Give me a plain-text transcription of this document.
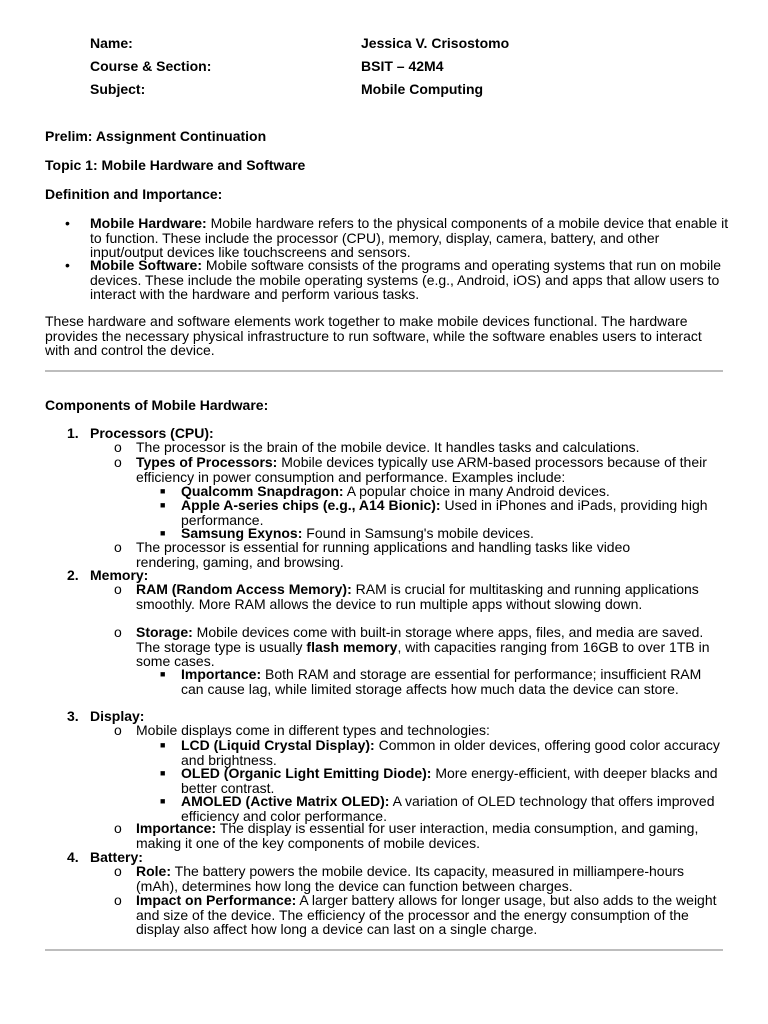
Name:	Jessica V. Crisostomo
Course & Section:	BSIT – 42M4
Subject:	Mobile Computing
Prelim: Assignment Continuation
Topic 1: Mobile Hardware and Software
Definition and Importance:
• Mobile Hardware: Mobile hardware refers to the physical components of a mobile device that enable it to function. These include the processor (CPU), memory, display, camera, battery, and other input/output devices like touchscreens and sensors.
• Mobile Software: Mobile software consists of the programs and operating systems that run on mobile devices. These include the mobile operating systems (e.g., Android, iOS) and apps that allow users to interact with the hardware and perform various tasks.
These hardware and software elements work together to make mobile devices functional. The hardware provides the necessary physical infrastructure to run software, while the software enables users to interact with and control the device.
Components of Mobile Hardware:
1. Processors (CPU):
o The processor is the brain of the mobile device. It handles tasks and calculations.
o Types of Processors: Mobile devices typically use ARM-based processors because of their efficiency in power consumption and performance. Examples include:
■ Qualcomm Snapdragon: A popular choice in many Android devices.
■ Apple A-series chips (e.g., A14 Bionic): Used in iPhones and iPads, providing high performance.
■ Samsung Exynos: Found in Samsung's mobile devices.
o The processor is essential for running applications and handling tasks like video rendering, gaming, and browsing.
2. Memory:
o RAM (Random Access Memory): RAM is crucial for multitasking and running applications smoothly. More RAM allows the device to run multiple apps without slowing down.
o Storage: Mobile devices come with built-in storage where apps, files, and media are saved. The storage type is usually flash memory, with capacities ranging from 16GB to over 1TB in some cases.
■ Importance: Both RAM and storage are essential for performance; insufficient RAM can cause lag, while limited storage affects how much data the device can store.
3. Display:
o Mobile displays come in different types and technologies:
■ LCD (Liquid Crystal Display): Common in older devices, offering good color accuracy and brightness.
■ OLED (Organic Light Emitting Diode): More energy-efficient, with deeper blacks and better contrast.
■ AMOLED (Active Matrix OLED): A variation of OLED technology that offers improved efficiency and color performance.
o Importance: The display is essential for user interaction, media consumption, and gaming, making it one of the key components of mobile devices.
4. Battery:
o Role: The battery powers the mobile device. Its capacity, measured in milliampere-hours (mAh), determines how long the device can function between charges.
o Impact on Performance: A larger battery allows for longer usage, but also adds to the weight and size of the device. The efficiency of the processor and the energy consumption of the display also affect how long a device can last on a single charge.
